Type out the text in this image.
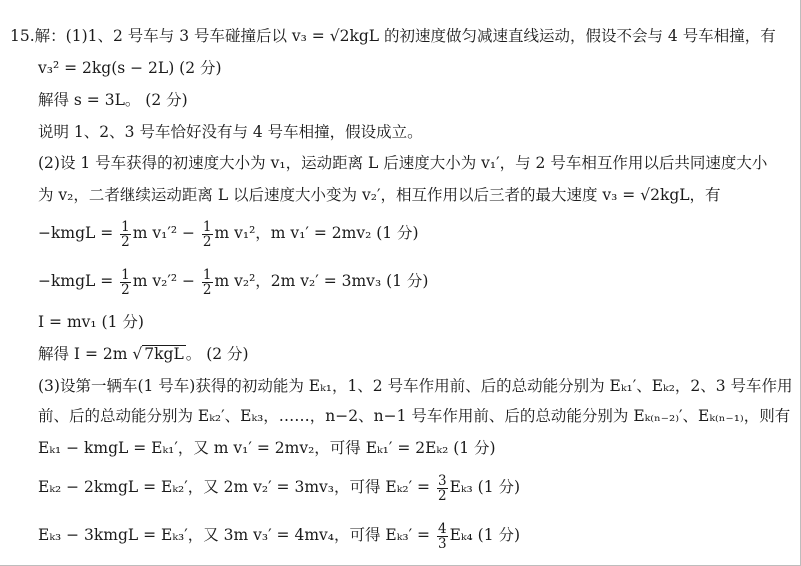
15.解：(1)1、2 号车与 3 号车碰撞后以 v₃ = √2kgL 的初速度做匀减速直线运动，假设不会与 4 号车相撞，有
v₃² = 2kg(s − 2L) (2 分)
解得 s = 3L。 (2 分)
说明 1、2、3 号车恰好没有与 4 号车相撞，假设成立。
(2)设 1 号车获得的初速度大小为 v₁，运动距离 L 后速度大小为 v₁′，与 2 号车相互作用以后共同速度大小
为 v₂，二者继续运动距离 L 以后速度大小变为 v₂′，相互作用以后三者的最大速度 v₃ = √2kgL，有
−kmgL = $\frac{1}{2}$ m $v_1'^2 - \frac{1}{2}$ m v₁²，m v₁′ = 2mv₂ (1 分)
−kmgL = $\frac{1}{2}$ m $v_2'^2 - \frac{1}{2}$ m v₂²，2m v₂′ = 3mv₃ (1 分)
I = mv₁ (1 分)
解得 I = 2m √ 7kgL 。 (2 分)
(3)设第一辆车(1 号车)获得的初动能为 Eₖ₁，1、2 号车作用前、后的总动能分别为 Eₖ₁′、Eₖ₂，2、3 号车作用
前、后的总动能分别为 Eₖ₂′、Eₖ₃，……，n−2、n−1 号车作用前、后的总动能分别为 Eₖ₍ₙ₋₂₎′、Eₖ₍ₙ₋₁₎，则有
Eₖ₁ − kmgL = Eₖ₁′，又 m v₁′ = 2mv₂，可得 Eₖ₁′ = 2Eₖ₂ (1 分)
Eₖ₂ − 2kmgL = Eₖ₂′，又 2m v₂′ = 3mv₃，可得 $E_{k2}' = \frac{3}{2} E_{k3}$ (1 分)
Eₖ₃ − 3kmgL = Eₖ₃′，又 3m v₃′ = 4mv₄，可得 $E_{k3}' = \frac{4}{3} E_{k4}$ (1 分)
